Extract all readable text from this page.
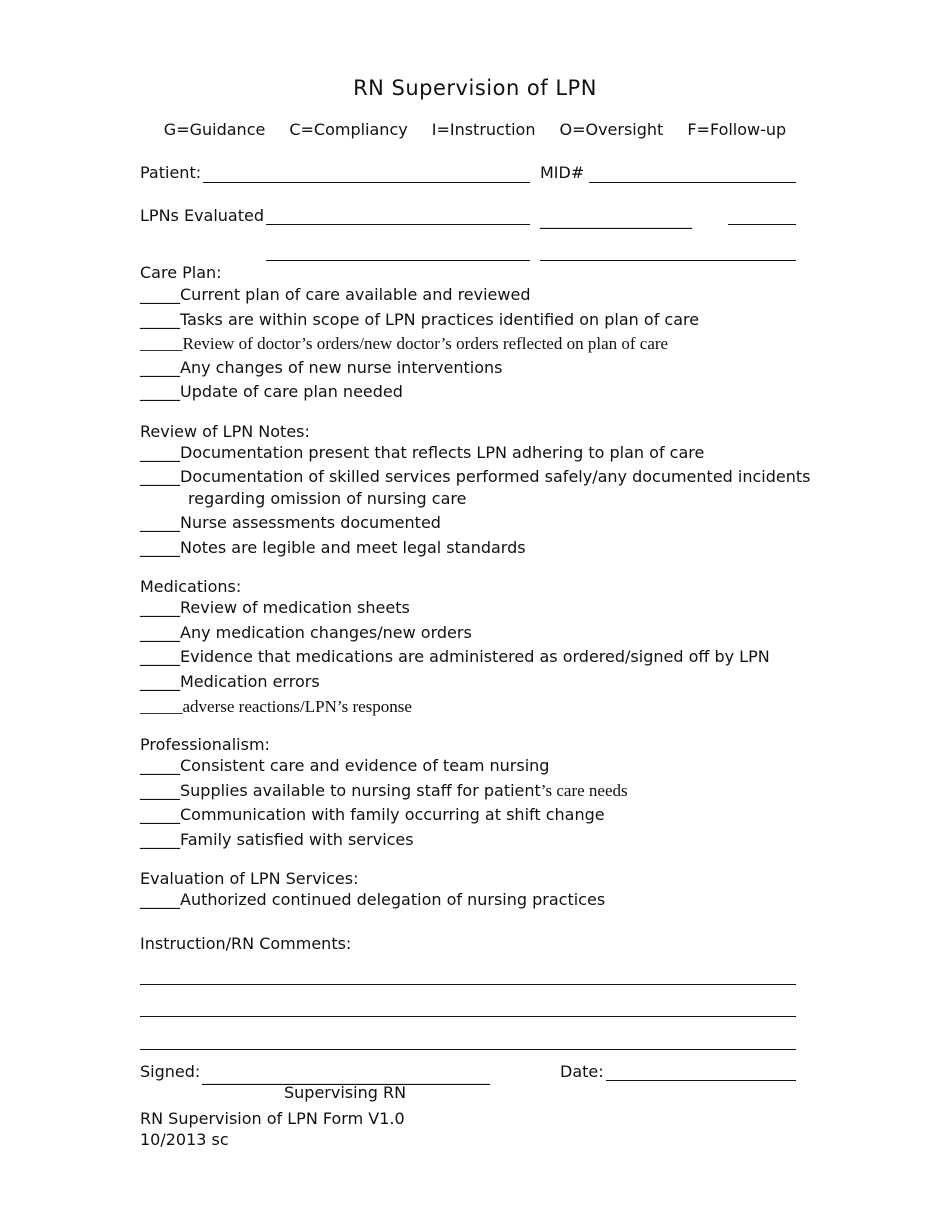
RN Supervision of LPN
G=Guidance C=Compliancy I=Instruction O=Oversight F=Follow-up
Patient:	MID#
LPNs Evaluated	___________________
Care Plan:
_____Current plan of care available and reviewed
_____Tasks are within scope of LPN practices identified on plan of care
_____Review of doctor’s orders/new doctor’s orders reflected on plan of care
_____Any changes of new nurse interventions
_____Update of care plan needed
Review of LPN Notes:
_____Documentation present that reflects LPN adhering to plan of care
_____Documentation of skilled services performed safely/any documented incidents
regarding omission of nursing care
_____Nurse assessments documented
_____Notes are legible and meet legal standards
Medications:
_____Review of medication sheets
_____Any medication changes/new orders
_____Evidence that medications are administered as ordered/signed off by LPN
_____Medication errors
_____adverse reactions/LPN’s response
Professionalism:
_____Consistent care and evidence of team nursing
_____Supplies available to nursing staff for patient’s care needs
_____Communication with family occurring at shift change
_____Family satisfied with services
Evaluation of LPN Services:
_____Authorized continued delegation of nursing practices
Instruction/RN Comments:
Signed: ____________________________________	Date:
Supervising RN
RN Supervision of LPN Form V1.0
10/2013 sc
